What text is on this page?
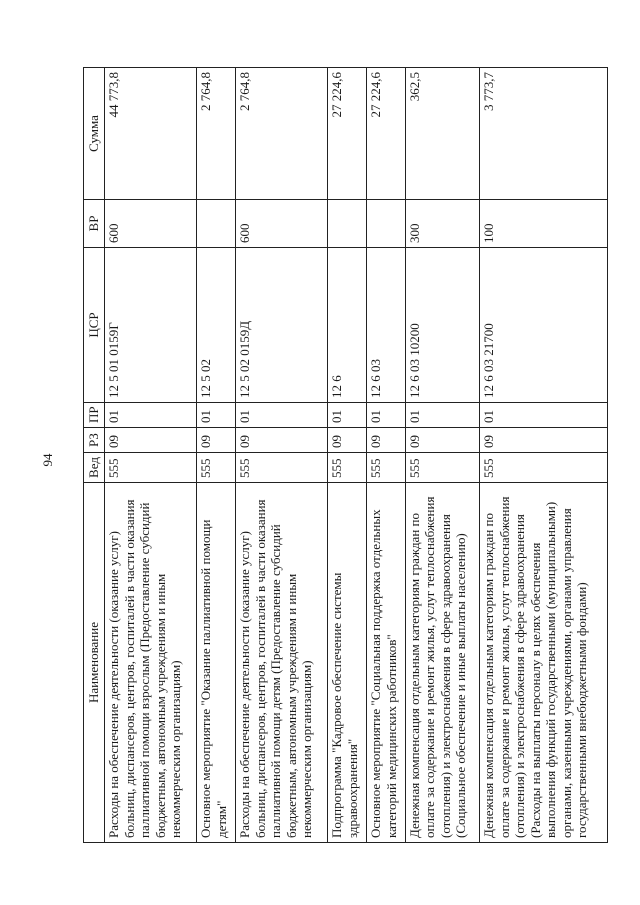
94
Наименование	Вед	РЗ	ПР	ЦСР	ВР	Сумма
Расходы на обеспечение деятельности (оказание услуг) больниц, диспансеров, центров, госпиталей в части оказания паллиативной помощи взрослым (Предоставление субсидий бюджетным, автономным учреждениям и иным некоммерческим организациям)	555	09	01	12 5 01 0159Г	600	44 773,8
Основное мероприятие "Оказание паллиативной помощи детям"	555	09	01	12 5 02		2 764,8
Расходы на обеспечение деятельности (оказание услуг) больниц, диспансеров, центров, госпиталей в части оказания паллиативной помощи детям (Предоставление субсидий бюджетным, автономным учреждениям и иным некоммерческим организациям)	555	09	01	12 5 02 0159Д	600	2 764,8
Подпрограмма "Кадровое обеспечение системы здравоохранения"	555	09	01	12 6		27 224,6
Основное мероприятие "Социальная поддержка отдельных категорий медицинских работников"	555	09	01	12 6 03		27 224,6
Денежная компенсация отдельным категориям граждан по оплате за содержание и ремонт жилья, услуг теплоснабжения (отопления) и электроснабжения в сфере здравоохранения (Социальное обеспечение и иные выплаты населению)	555	09	01	12 6 03 10200	300	362,5
Денежная компенсация отдельным категориям граждан по оплате за содержание и ремонт жилья, услуг теплоснабжения (отопления) и электроснабжения в сфере здравоохранения (Расходы на выплаты персоналу в целях обеспечения выполнения функций государственными (муниципальными) органами, казенными учреждениями, органами управления государственными внебюджетными фондами)	555	09	01	12 6 03 21700	100	3 773,7
